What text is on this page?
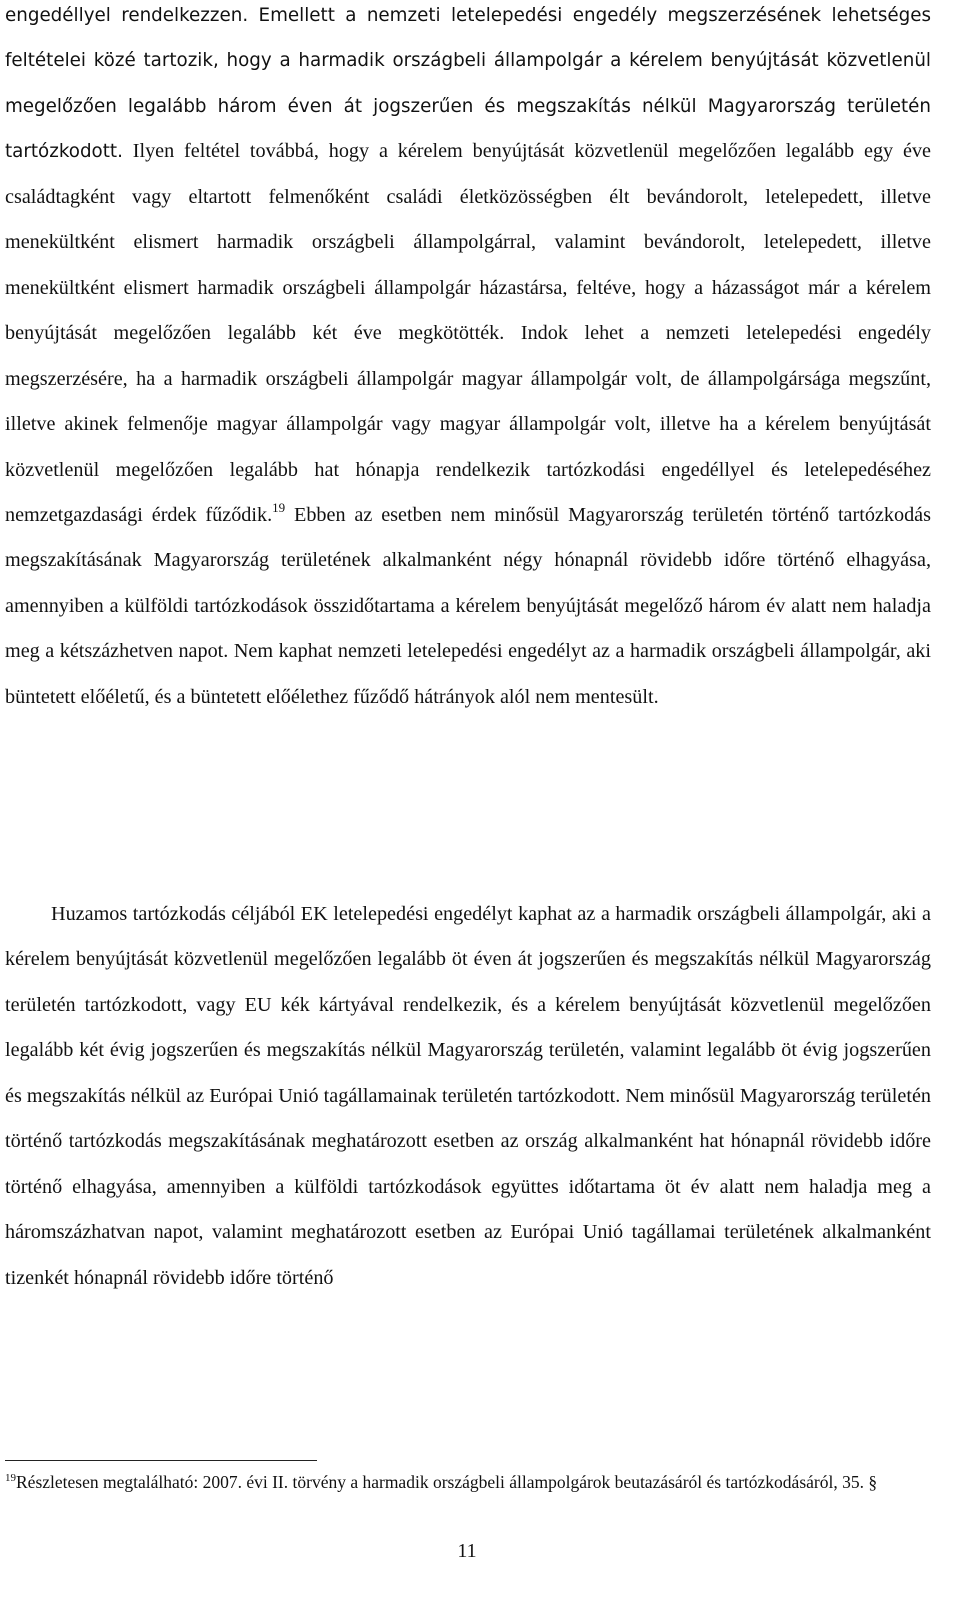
engedéllyel rendelkezzen. Emellett a nemzeti letelepedési engedély megszerzésének lehetséges feltételei közé tartozik, hogy a harmadik országbeli állampolgár a kérelem benyújtását közvetlenül megelőzően legalább három éven át jogszerűen és megszakítás nélkül Magyarország területén tartózkodott. Ilyen feltétel továbbá, hogy a kérelem benyújtását közvetlenül megelőzően legalább egy éve családtagként vagy eltartott felmenőként családi életközösségben élt bevándorolt, letelepedett, illetve menekültként elismert harmadik országbeli állampolgárral, valamint bevándorolt, letelepedett, illetve menekültként elismert harmadik országbeli állampolgár házastársa, feltéve, hogy a házasságot már a kérelem benyújtását megelőzően legalább két éve megkötötték. Indok lehet a nemzeti letelepedési engedély megszerzésére, ha a harmadik országbeli állampolgár magyar állampolgár volt, de állampolgársága megszűnt, illetve akinek felmenője magyar állampolgár vagy magyar állampolgár volt, illetve ha a kérelem benyújtását közvetlenül megelőzően legalább hat hónapja rendelkezik tartózkodási engedéllyel és letelepedéséhez nemzetgazdasági érdek fűződik.$^{19}$ Ebben az esetben nem minősül Magyarország területén történő tartózkodás megszakításának Magyarország területének alkalmanként négy hónapnál rövidebb időre történő elhagyása, amennyiben a külföldi tartózkodások összidőtartama a kérelem benyújtását megelőző három év alatt nem haladja meg a kétszázhetven napot. Nem kaphat nemzeti letelepedési engedélyt az a harmadik országbeli állampolgár, aki büntetett előéletű, és a büntetett előélethez fűződő hátrányok alól nem mentesült.

Huzamos tartózkodás céljából EK letelepedési engedélyt kaphat az a harmadik országbeli állampolgár, aki a kérelem benyújtását közvetlenül megelőzően legalább öt éven át jogszerűen és megszakítás nélkül Magyarország területén tartózkodott, vagy EU kék kártyával rendelkezik, és a kérelem benyújtását közvetlenül megelőzően legalább két évig jogszerűen és megszakítás nélkül Magyarország területén, valamint legalább öt évig jogszerűen és megszakítás nélkül az Európai Unió tagállamainak területén tartózkodott. Nem minősül Magyarország területén történő tartózkodás megszakításának meghatározott esetben az ország alkalmanként hat hónapnál rövidebb időre történő elhagyása, amennyiben a külföldi tartózkodások együttes időtartama öt év alatt nem haladja meg a háromszázhatvan napot, valamint meghatározott esetben az Európai Unió tagállamai területének alkalmanként tizenkét hónapnál rövidebb időre történő

$^{19}$Részletesen megtalálható: 2007. évi II. törvény a harmadik országbeli állampolgárok beutazásáról és tartózkodásáról, 35. §

11
